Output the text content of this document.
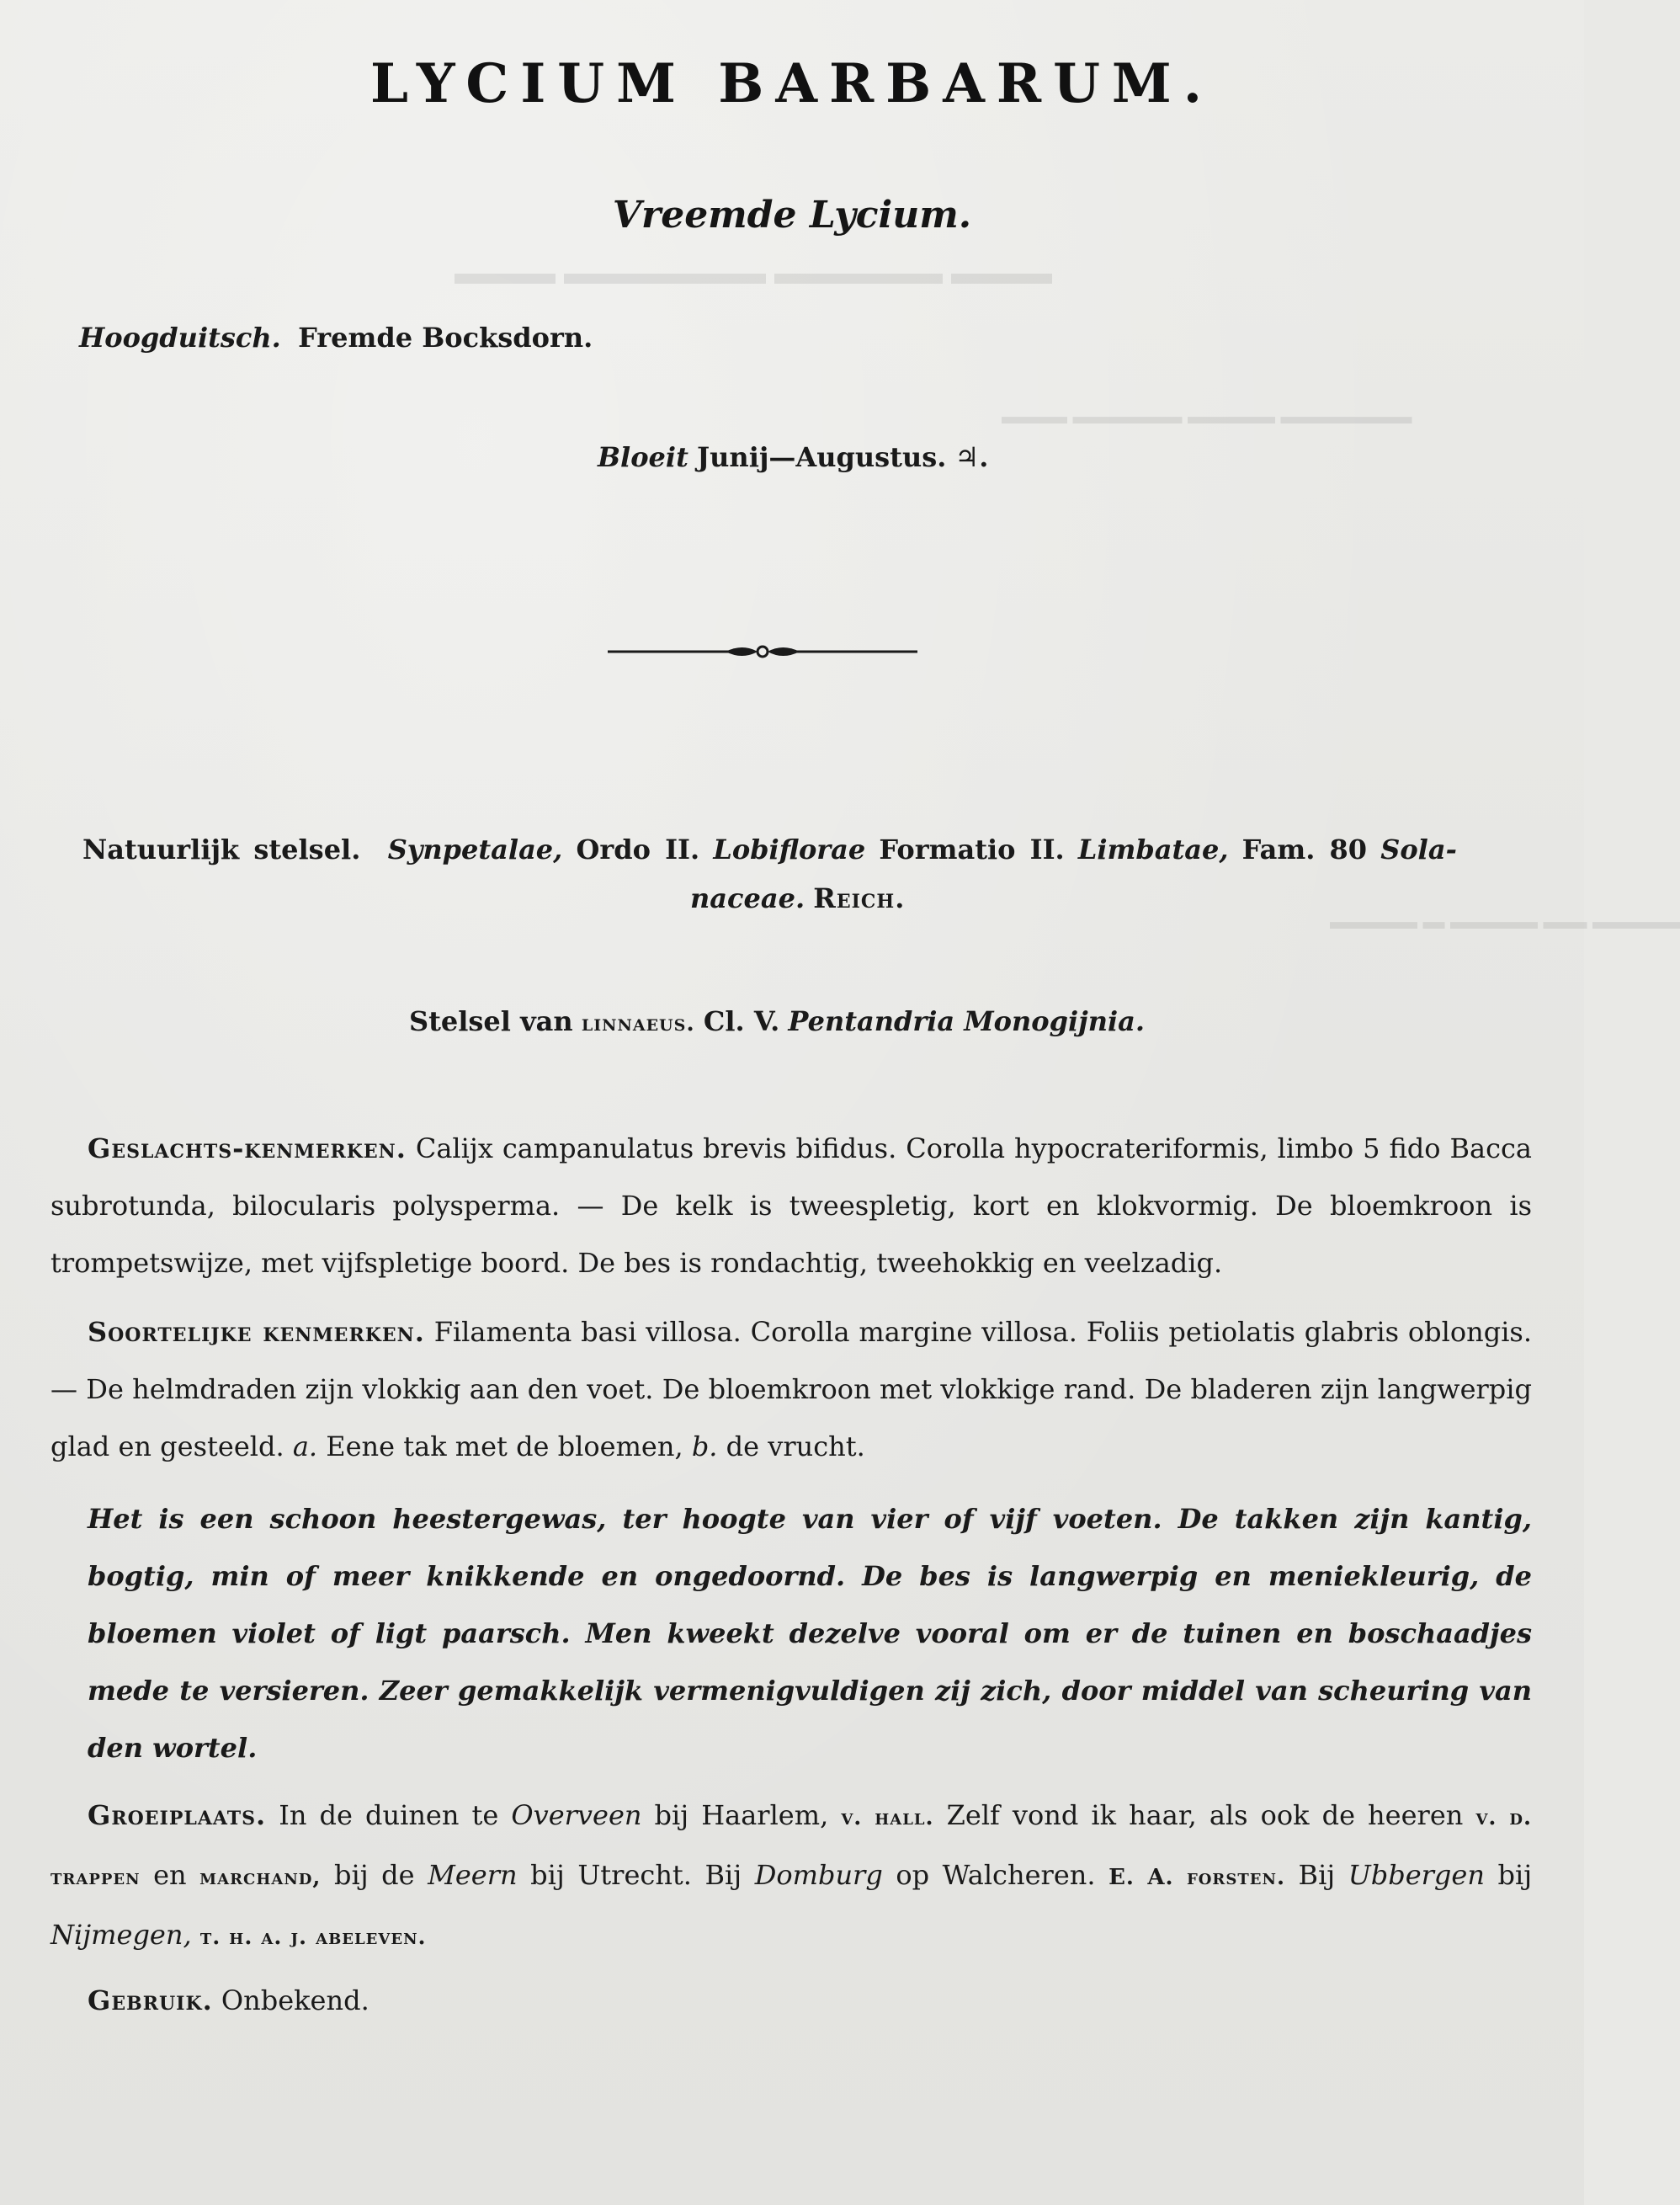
▬▬▬ ▬▬▬▬▬▬ ▬▬▬▬▬ ▬▬▬
▬▬▬ ▬▬▬▬▬ ▬▬▬▬ ▬▬▬▬▬▬
▬▬▬▬ ▬ ▬▬▬▬ ▬▬ ▬▬▬▬
LYCIUM BARBARUM.
Vreemde Lycium.
Hoogduitsch. Fremde Bocksdorn.
Bloeit Junij—Augustus. ♃.
Natuurlijk stelsel. Synpetalae, Ordo II. Lobiflorae Formatio II. Limbatae, Fam. 80 Sola-
naceae. Reich.
Stelsel van linnaeus. Cl. V. Pentandria Monogijnia.
Geslachts-kenmerken. Calijx campanulatus brevis bifidus. Corolla hypocrateriformis, limbo 5 fido Bacca subrotunda, bilocularis polysperma. — De kelk is tweespletig, kort en klokvormig. De bloemkroon is trompetswijze, met vijfspletige boord. De bes is rondachtig, tweehokkig en veelzadig.
Soortelijke kenmerken. Filamenta basi villosa. Corolla margine villosa. Foliis petiolatis glabris oblongis. — De helmdraden zijn vlokkig aan den voet. De bloemkroon met vlokkige rand. De bladeren zijn langwerpig glad en gesteeld. a. Eene tak met de bloemen, b. de vrucht.
Het is een schoon heestergewas, ter hoogte van vier of vijf voeten. De takken zijn kantig, bogtig, min of meer knikkende en ongedoornd. De bes is langwerpig en meniekleurig, de bloemen violet of ligt paarsch. Men kweekt dezelve vooral om er de tuinen en boschaadjes mede te versieren. Zeer gemakkelijk vermenigvuldigen zij zich, door middel van scheuring van den wortel.
Groeiplaats. In de duinen te Overveen bij Haarlem, v. hall. Zelf vond ik haar, als ook de heeren v. d. trappen en marchand, bij de Meern bij Utrecht. Bij Domburg op Walcheren. E. A. forsten. Bij Ubbergen bij Nijmegen, t. h. a. j. abeleven.
Gebruik. Onbekend.
